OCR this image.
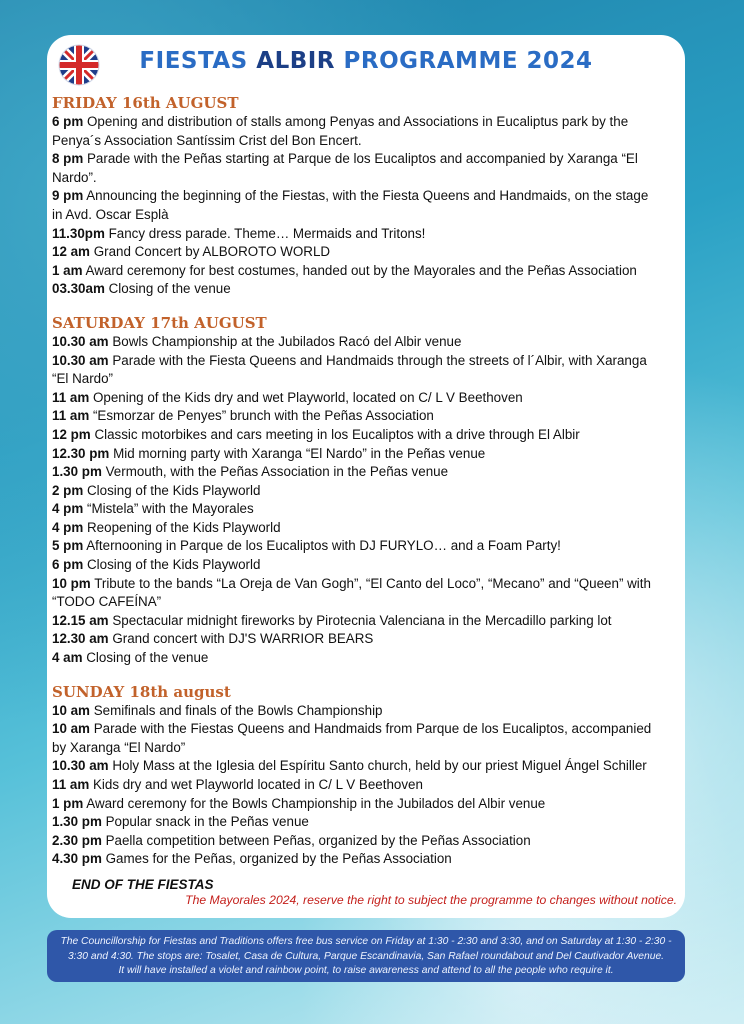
FIESTAS ALBIR PROGRAMME 2024
FRIDAY 16th AUGUST
6 pm Opening and distribution of stalls among Penyas and Associations in Eucaliptus park by the Penya´s Association Santíssim Crist del Bon Encert.
8 pm Parade with the Peñas starting at Parque de los Eucaliptos and accompanied by Xaranga “El Nardo”.
9 pm Announcing the beginning of the Fiestas, with the Fiesta Queens and Handmaids, on the stage in Avd. Oscar Esplà
11.30pm Fancy dress parade. Theme… Mermaids and Tritons!
12 am Grand Concert by ALBOROTO WORLD
1 am Award ceremony for best costumes, handed out by the Mayorales and the Peñas Association
03.30am Closing of the venue
SATURDAY 17th AUGUST
10.30 am Bowls Championship at the Jubilados Racó del Albir venue
10.30 am Parade with the Fiesta Queens and Handmaids through the streets of l´Albir, with Xaranga “El Nardo”
11 am Opening of the Kids dry and wet Playworld, located on C/ L V Beethoven
11 am “Esmorzar de Penyes” brunch with the Peñas Association
12 pm Classic motorbikes and cars meeting in los Eucaliptos with a drive through El Albir
12.30 pm Mid morning party with Xaranga “El Nardo” in the Peñas venue
1.30 pm Vermouth, with the Peñas Association in the Peñas venue
2 pm Closing of the Kids Playworld
4 pm “Mistela” with the Mayorales
4 pm Reopening of the Kids Playworld
5 pm Afternooning in Parque de los Eucaliptos with DJ FURYLO… and a Foam Party!
6 pm Closing of the Kids Playworld
10 pm Tribute to the bands “La Oreja de Van Gogh”, “El Canto del Loco”, “Mecano” and “Queen” with “TODO CAFEÍNA”
12.15 am Spectacular midnight fireworks by Pirotecnia Valenciana in the Mercadillo parking lot
12.30 am Grand concert with DJ'S WARRIOR BEARS
4 am Closing of the venue
SUNDAY 18th august
10 am Semifinals and finals of the Bowls Championship
10 am Parade with the Fiestas Queens and Handmaids from Parque de los Eucaliptos, accompanied by Xaranga “El Nardo”
10.30 am Holy Mass at the Iglesia del Espíritu Santo church, held by our priest Miguel Ángel Schiller
11 am Kids dry and wet Playworld located in C/ L V Beethoven
1 pm Award ceremony for the Bowls Championship in the Jubilados del Albir venue
1.30 pm Popular snack in the Peñas venue
2.30 pm Paella competition between Peñas, organized by the Peñas Association
4.30 pm Games for the Peñas, organized by the Peñas Association
END OF THE FIESTAS
The Mayorales 2024, reserve the right to subject the programme to changes without notice.
The Councillorship for Fiestas and Traditions offers free bus service on Friday at 1:30 - 2:30 and 3:30, and on Saturday at 1:30 - 2:30 -
3:30 and 4:30. The stops are: Tosalet, Casa de Cultura, Parque Escandinavia, San Rafael roundabout and Del Cautivador Avenue.
It will have installed a violet and rainbow point, to raise awareness and attend to all the people who require it.
